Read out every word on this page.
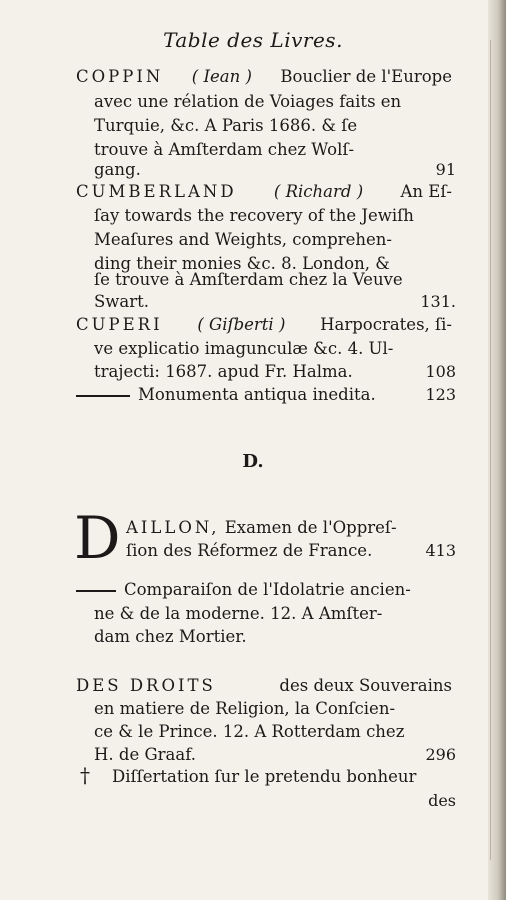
Table des Livres.
COPPIN ( Iean ) Bouclier de l'Europe
avec une rélation de Voiages faits en
Turquie, &c. A Paris 1686. & ſe
trouve à Amſterdam chez Wolſ-
gang.	91
CUMBERLAND ( Richard ) An Eſ-
ſay towards the recovery of the Jewiſh
Meaſures and Weights, comprehen-
ding their monies &c. 8. London, &
ſe trouve à Amſterdam chez la Veuve
Swart.	131.
CUPERI ( Giſberti ) Harpocrates, ſi-
ve explicatio imagunculæ &c. 4. Ul-
trajecti: 1687. apud Fr. Halma.	108
Monumenta antiqua inedita.	123
D.
D AILLON, Examen de l'Oppreſ-
ſion des Réformez de France.	413
Comparaiſon de l'Idolatrie ancien-
ne & de la moderne. 12. A Amſter-
dam chez Mortier.
DES DROITS	des deux Souverains
en matiere de Religion, la Conſcien-
ce & le Prince. 12. A Rotterdam chez
H. de Graaf.	296
† Diſſertation ſur le pretendu bonheur
des
